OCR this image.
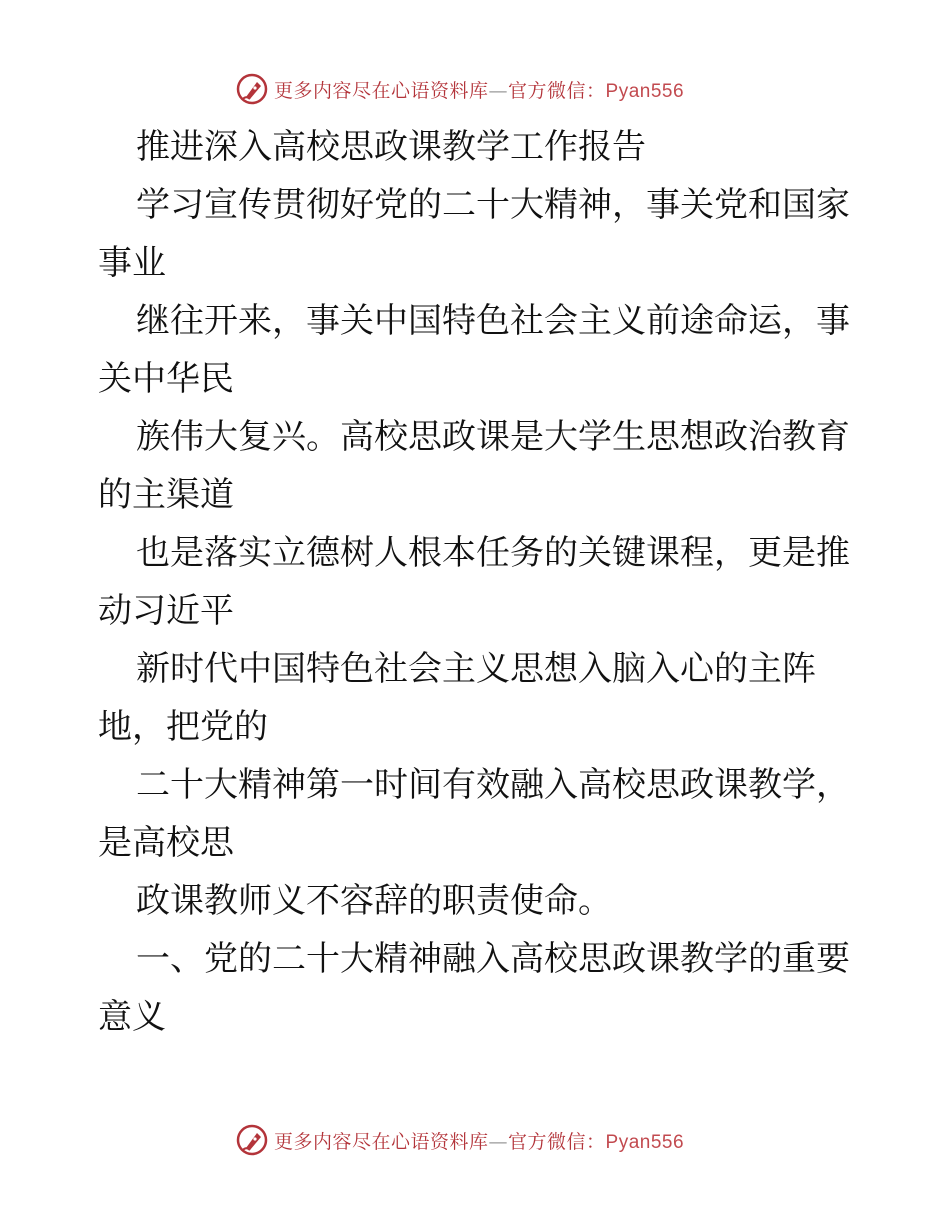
更多内容尽在心语资料库—官方微信：Pyan556

推进深入高校思政课教学工作报告

学习宣传贯彻好党的二十大精神，事关党和国家事业

继往开来，事关中国特色社会主义前途命运，事关中华民

族伟大复兴。高校思政课是大学生思想政治教育的主渠道

也是落实立德树人根本任务的关键课程，更是推动习近平

新时代中国特色社会主义思想入脑入心的主阵地，把党的

二十大精神第一时间有效融入高校思政课教学，是高校思

政课教师义不容辞的职责使命。

一、党的二十大精神融入高校思政课教学的重要意义

更多内容尽在心语资料库—官方微信：Pyan556
